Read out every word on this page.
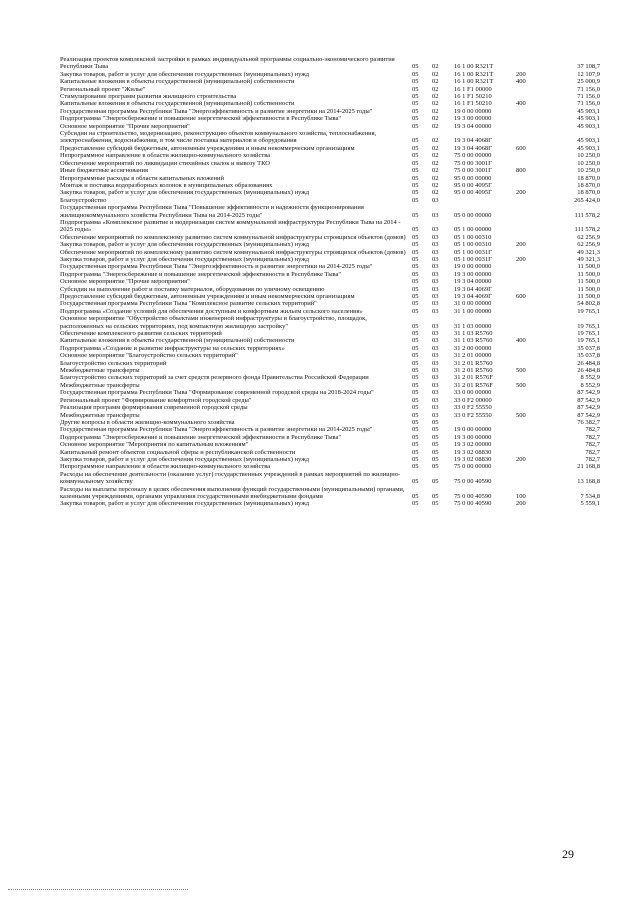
Реализация проектов комплексной застройки в рамках индивидуальной программы социально-экономического развития Республики Тыва	05	02	16 1 00 R321T		37 108,7
Закупка товаров, работ и услуг для обеспечения государственных (муниципальных) нужд	05	02	16 1 00 R321T	200	12 107,9
Капитальные вложения в объекты государственной (муниципальной) собственности	05	02	16 1 00 R321T	400	25 000,9
Региональный проект "Жилье"	05	02	16 1 F1 00000		71 156,0
Стимулирование программ развития жилищного строительства	05	02	16 1 F1 50210		71 156,0
Капитальные вложения в объекты государственной (муниципальной) собственности	05	02	16 1 F1 50210	400	71 156,0
Государственная программа Республики Тыва "Энергоэффективность и развитие энергетики на 2014-2025 годы"	05	02	19 0 00 00000		45 903,1
Подпрограмма "Энергосбережение и повышение энергетической эффективности в Республике Тыва"	05	02	19 3 00 00000		45 903,1
Основное мероприятие "Прочие мероприятия"	05	02	19 3 04 00000		45 903,1
Субсидии на строительство, модернизацию, реконструкцию объектов коммунального хозяйства, теплоснабжения, электроснабжения, водоснабжения, в том числе поставка материалов и оборудования	05	02	19 3 04 4068Г		45 903,1
Предоставление субсидий бюджетным, автономным учреждениям и иным некоммерческим организациям	05	02	19 3 04 4068Г	600	45 903,1
Непрограммное направление в области жилищно-коммунального хозяйства	05	02	75 0 00 00000		10 250,0
Обеспечение мероприятий по ликвидации стихийных свалок и вывозу ТКО	05	02	75 0 00 3001Г		10 250,0
Иные бюджетные ассигнования	05	02	75 0 00 3001Г	800	10 250,0
Непрограммные расходы в области капитальных вложений	05	02	95 0 00 00000		18 870,0
Монтаж и поставка водоразборных колонок в муниципальных образованиях	05	02	95 0 00 4095Г		18 870,0
Закупка товаров, работ и услуг для обеспечения государственных (муниципальных) нужд	05	02	95 0 00 4095Г	200	18 870,0
Благоустройство	05	03			265 424,0
Государственная программа Республики Тыва "Повышение эффективности и надежности функционирования жилищнокоммунального хозяйства Республики Тыва на 2014-2025 годы"	05	03	05 0 00 00000		111 578,2
Подпрограмма «Комплексное развитие и модернизация систем коммунальной инфраструктуры Республики Тыва на 2014 - 2025 годы»	05	03	05 1 00 00000		111 578,2
Обеспечение мероприятий по комплексному развитию систем коммунальной инфраструктуры строящихся объектов (домов)	05	03	05 1 00 00310		62 256,9
Закупка товаров, работ и услуг для обеспечения государственных (муниципальных) нужд	05	03	05 1 00 00310	200	62 256,9
Обеспечение мероприятий по комплексному развитию систем коммунальной инфраструктуры строящихся объектов (домов)	05	03	05 1 00 0031Г		49 321,3
Закупка товаров, работ и услуг для обеспечения государственных (муниципальных) нужд	05	03	05 1 00 0031Г	200	49 321,3
Государственная программа Республики Тыва "Энергоэффективность и развитие энергетики на 2014-2025 годы"	05	03	19 0 00 00000		11 500,0
Подпрограмма "Энергосбережение и повышение энергетической эффективности в Республике Тыва"	05	03	19 3 00 00000		11 500,0
Основное мероприятие "Прочие мероприятия"	05	03	19 3 04 00000		11 500,0
Субсидии на выполнение работ и поставку материалов, оборудования по уличному освещению	05	03	19 3 04 4069Г		11 500,0
Предоставление субсидий бюджетным, автономным учреждениям и иным некоммерческим организациям	05	03	19 3 04 4069Г	600	11 500,0
Государственная программа Республики Тыва "Комплексное развитие сельских территорий"	05	03	31 0 00 00000		54 802,8
Подпрограмма «Создание условий для обеспечения доступным и комфортным жильем сельского населения»	05	03	31 1 00 00000		19 765,1
Основное мероприятие "Обустройство объектами инженерной инфраструктуры и благоустройство, площадок, расположенных на сельских территориях, под компактную жилищную застройку"	05	03	31 1 03 00000		19 765,1
Обеспечение комплексного развития сельских территорий	05	03	31 1 03 R5760		19 765,1
Капитальные вложения в объекты государственной (муниципальной) собственности	05	03	31 1 03 R5760	400	19 765,1
Подпрограмма «Создание и развитие инфраструктуры на сельских территориях»	05	03	31 2 00 00000		35 037,8
Основное мероприятие "Благоустройство сельских территорий"	05	03	31 2 01 00000		35 037,8
Благоустройство сельских территорий	05	03	31 2 01 R5760		26 484,8
Межбюджетные трансферты	05	03	31 2 01 R5760	500	26 484,8
Благоустройство сельских территорий за счет средств резервного фонда Правительства Российской Федерации	05	03	31 2 01 R576F		8 552,9
Межбюджетные трансферты	05	03	31 2 01 R576F	500	8 552,9
Государственная программа Республики Тыва "Формирование современной городской среды на 2018-2024 годы"	05	03	33 0 00 00000		87 542,9
Региональный проект "Формирование комфортной городской среды"	05	03	33 0 F2 00000		87 542,9
Реализация программ формирования современной городской среды	05	03	33 0 F2 55550		87 542,9
Межбюджетные трансферты	05	03	33 0 F2 55550	500	87 542,9
Другие вопросы в области жилищно-коммунального хозяйства	05	05			76 382,7
Государственная программа Республики Тыва "Энергоэффективность и развитие энергетики на 2014-2025 годы"	05	05	19 0 00 00000		782,7
Подпрограмма "Энергосбережение и повышение энергетической эффективности в Республике Тыва"	05	05	19 3 00 00000		782,7
Основное мероприятие "Мероприятия по капитальным вложениям"	05	05	19 3 02 00000		782,7
Капитальный ремонт объектов социальной сферы и республиканской собственности	05	05	19 3 02 08830		782,7
Закупка товаров, работ и услуг для обеспечения государственных (муниципальных) нужд	05	05	19 3 02 08830	200	782,7
Непрограммное направление в области жилищно-коммунального хозяйства	05	05	75 0 00 00000		21 168,8
Расходы на обеспечение деятельности (оказание услуг) государственных учреждений в рамках мероприятий по жилищно-коммунальному хозяйству	05	05	75 0 00 40590		13 168,8
Расходы на выплаты персоналу в целях обеспечения выполнения функций государственными (муниципальными) органами, казенными учреждениями, органами управления государственными внебюджетными фондами	05	05	75 0 00 40590	100	7 534,8
Закупка товаров, работ и услуг для обеспечения государственных (муниципальных) нужд	05	05	75 0 00 40590	200	5 559,1
29
